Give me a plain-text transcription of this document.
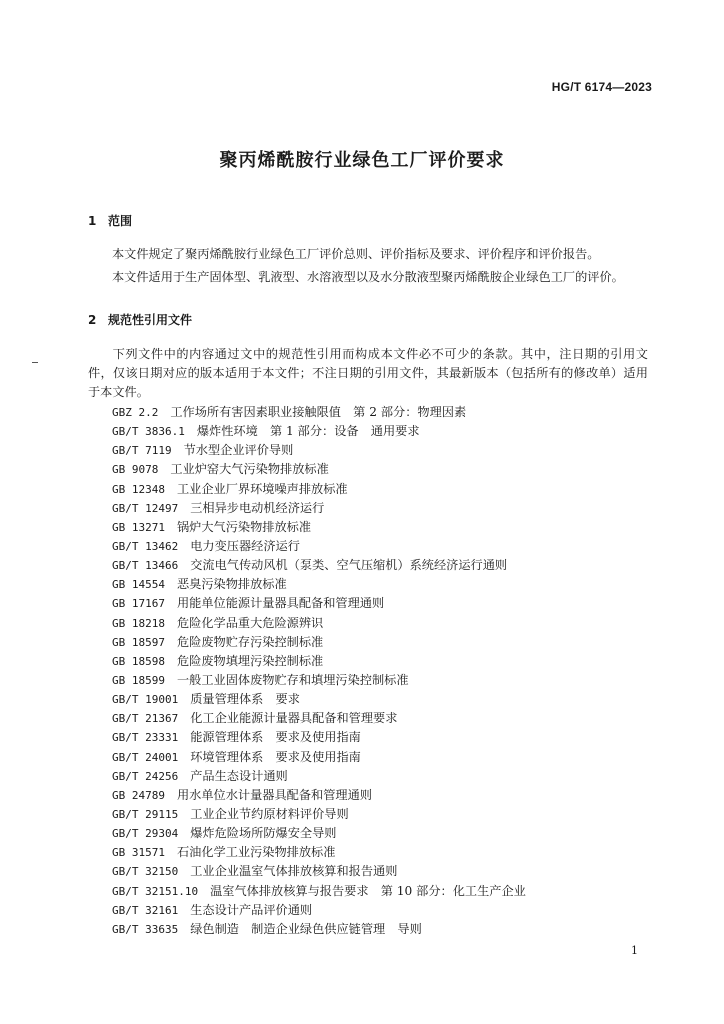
HG/T 6174—2023
聚丙烯酰胺行业绿色工厂评价要求
1 范围
本文件规定了聚丙烯酰胺行业绿色工厂评价总则、评价指标及要求、评价程序和评价报告。
本文件适用于生产固体型、乳液型、水溶液型以及水分散液型聚丙烯酰胺企业绿色工厂的评价。
2 规范性引用文件
下列文件中的内容通过文中的规范性引用而构成本文件必不可少的条款。其中，注日期的引用文件，仅该日期对应的版本适用于本文件；不注日期的引用文件，其最新版本（包括所有的修改单）适用于本文件。
GBZ 2.2 工作场所有害因素职业接触限值　第 2 部分：物理因素
GB/T 3836.1 爆炸性环境　第 1 部分：设备　通用要求
GB/T 7119 节水型企业评价导则
GB 9078 工业炉窑大气污染物排放标准
GB 12348 工业企业厂界环境噪声排放标准
GB/T 12497 三相异步电动机经济运行
GB 13271 锅炉大气污染物排放标准
GB/T 13462 电力变压器经济运行
GB/T 13466 交流电气传动风机（泵类、空气压缩机）系统经济运行通则
GB 14554 恶臭污染物排放标准
GB 17167 用能单位能源计量器具配备和管理通则
GB 18218 危险化学品重大危险源辨识
GB 18597 危险废物贮存污染控制标准
GB 18598 危险废物填埋污染控制标准
GB 18599 一般工业固体废物贮存和填埋污染控制标准
GB/T 19001 质量管理体系　要求
GB/T 21367 化工企业能源计量器具配备和管理要求
GB/T 23331 能源管理体系　要求及使用指南
GB/T 24001 环境管理体系　要求及使用指南
GB/T 24256 产品生态设计通则
GB 24789 用水单位水计量器具配备和管理通则
GB/T 29115 工业企业节约原材料评价导则
GB/T 29304 爆炸危险场所防爆安全导则
GB 31571 石油化学工业污染物排放标准
GB/T 32150 工业企业温室气体排放核算和报告通则
GB/T 32151.10 温室气体排放核算与报告要求　第 10 部分：化工生产企业
GB/T 32161 生态设计产品评价通则
GB/T 33635 绿色制造　制造企业绿色供应链管理　导则
1
